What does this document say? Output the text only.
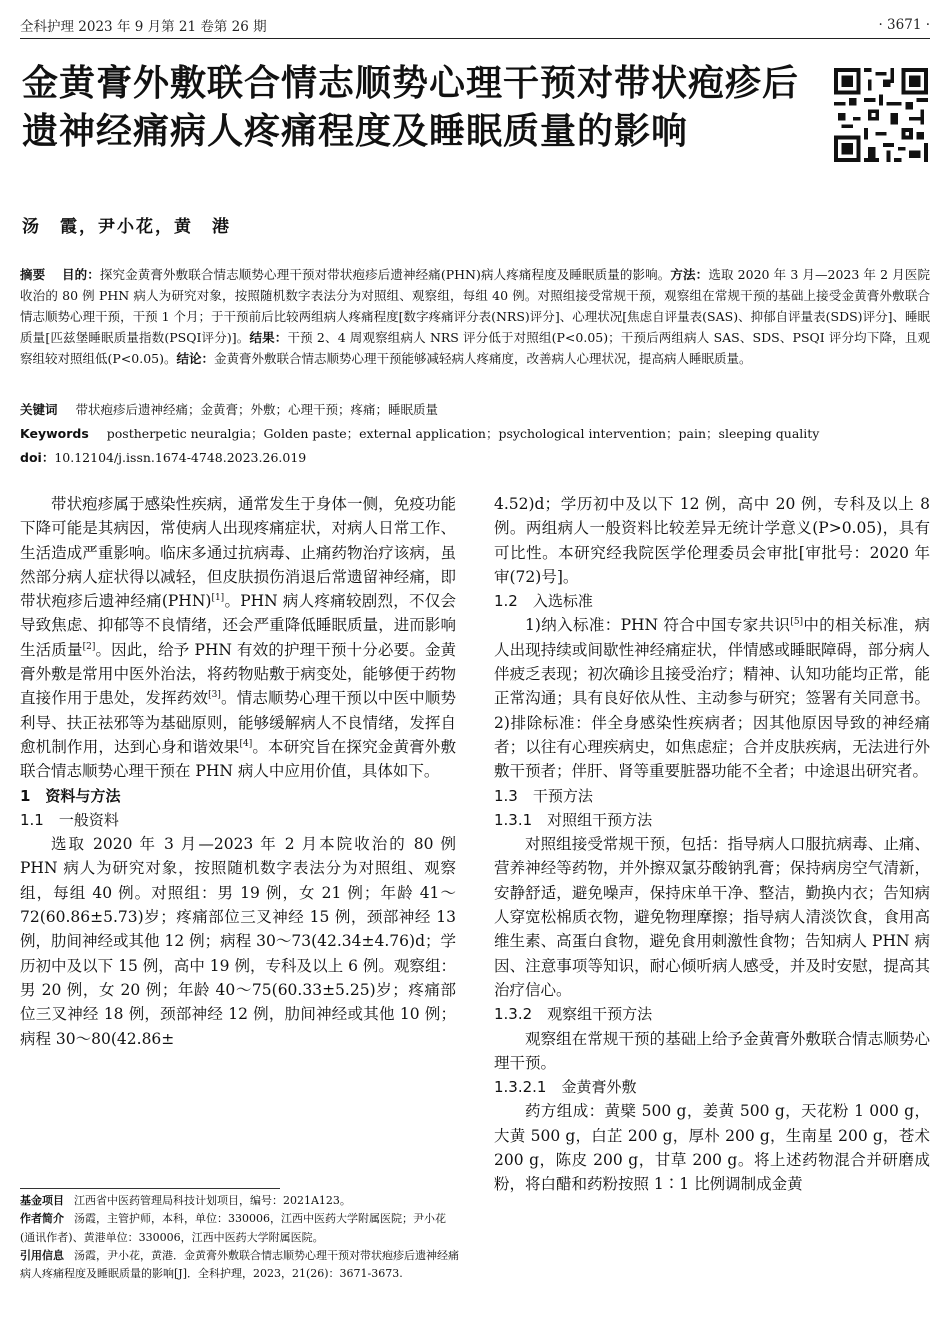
全科护理 2023 年 9 月第 21 卷第 26 期	· 3671 ·
金黄膏外敷联合情志顺势心理干预对带状疱疹后遗神经痛病人疼痛程度及睡眠质量的影响
汤　霞，尹小花，黄　港
摘要　 目的：探究金黄膏外敷联合情志顺势心理干预对带状疱疹后遗神经痛(PHN)病人疼痛程度及睡眠质量的影响。方法：选取 2020 年 3 月—2023 年 2 月医院收治的 80 例 PHN 病人为研究对象，按照随机数字表法分为对照组、观察组，每组 40 例。对照组接受常规干预，观察组在常规干预的基础上接受金黄膏外敷联合情志顺势心理干预，干预 1 个月；于干预前后比较两组病人疼痛程度[数字疼痛评分表(NRS)评分]、心理状况[焦虑自评量表(SAS)、抑郁自评量表(SDS)评分]、睡眠质量[匹兹堡睡眠质量指数(PSQI评分)]。结果：干预 2、4 周观察组病人 NRS 评分低于对照组(P<0.05)；干预后两组病人 SAS、SDS、PSQI 评分均下降，且观察组较对照组低(P<0.05)。结论：金黄膏外敷联合情志顺势心理干预能够减轻病人疼痛度，改善病人心理状况，提高病人睡眠质量。
关键词 带状疱疹后遗神经痛；金黄膏；外敷；心理干预；疼痛；睡眠质量
Keywords postherpetic neuralgia；Golden paste；external application；psychological intervention；pain；sleeping quality
doi：10.12104/j.issn.1674-4748.2023.26.019

带状疱疹属于感染性疾病，通常发生于身体一侧，免疫功能下降可能是其病因，常使病人出现疼痛症状，对病人日常工作、生活造成严重影响。临床多通过抗病毒、止痛药物治疗该病，虽然部分病人症状得以减轻，但皮肤损伤消退后常遗留神经痛，即带状疱疹后遗神经痛(PHN)[1]。PHN 病人疼痛较剧烈，不仅会导致焦虑、抑郁等不良情绪，还会严重降低睡眠质量，进而影响生活质量[2]。因此，给予 PHN 有效的护理干预十分必要。金黄膏外敷是常用中医外治法，将药物贴敷于病变处，能够便于药物直接作用于患处，发挥药效[3]。情志顺势心理干预以中医中顺势利导、扶正祛邪等为基础原则，能够缓解病人不良情绪，发挥自愈机制作用，达到心身和谐效果[4]。本研究旨在探究金黄膏外敷联合情志顺势心理干预在 PHN 病人中应用价值，具体如下。

1　资料与方法

1.1　一般资料

选取 2020 年 3 月—2023 年 2 月本院收治的 80 例 PHN 病人为研究对象，按照随机数字表法分为对照组、观察组，每组 40 例。对照组：男 19 例，女 21 例；年龄 41～72(60.86±5.73)岁；疼痛部位三叉神经 15 例，颈部神经 13 例，肋间神经或其他 12 例；病程 30～73(42.34±4.76)d；学历初中及以下 15 例，高中 19 例，专科及以上 6 例。观察组：男 20 例，女 20 例；年龄 40～75(60.33±5.25)岁；疼痛部位三叉神经 18 例，颈部神经 12 例，肋间神经或其他 10 例；病程 30～80(42.86±

4.52)d；学历初中及以下 12 例，高中 20 例，专科及以上 8 例。两组病人一般资料比较差异无统计学意义(P>0.05)，具有可比性。本研究经我院医学伦理委员会审批[审批号：2020 年审(72)号]。

1.2　入选标准

1)纳入标准：PHN 符合中国专家共识[5]中的相关标准，病人出现持续或间歇性神经痛症状，伴情感或睡眠障碍，部分病人伴疲乏表现；初次确诊且接受治疗；精神、认知功能均正常，能正常沟通；具有良好依从性、主动参与研究；签署有关同意书。2)排除标准：伴全身感染性疾病者；因其他原因导致的神经痛者；以往有心理疾病史，如焦虑症；合并皮肤疾病，无法进行外敷干预者；伴肝、肾等重要脏器功能不全者；中途退出研究者。

1.3　干预方法

1.3.1　对照组干预方法

对照组接受常规干预，包括：指导病人口服抗病毒、止痛、营养神经等药物，并外擦双氯芬酸钠乳膏；保持病房空气清新，安静舒适，避免噪声，保持床单干净、整洁，勤换内衣；告知病人穿宽松棉质衣物，避免物理摩擦；指导病人清淡饮食，食用高维生素、高蛋白食物，避免食用刺激性食物；告知病人 PHN 病因、注意事项等知识，耐心倾听病人感受，并及时安慰，提高其治疗信心。

1.3.2　观察组干预方法

观察组在常规干预的基础上给予金黄膏外敷联合情志顺势心理干预。

1.3.2.1　金黄膏外敷

药方组成：黄檗 500 g，姜黄 500 g，天花粉 1 000 g，大黄 500 g，白芷 200 g，厚朴 200 g，生南星 200 g，苍术 200 g，陈皮 200 g，甘草 200 g。将上述药物混合并研磨成粉，将白醋和药粉按照 1∶1 比例调制成金黄

基金项目 江西省中医药管理局科技计划项目，编号：2021A123。
作者简介 汤霞，主管护师，本科，单位：330006，江西中医药大学附属医院；尹小花(通讯作者)、黄港单位：330006，江西中医药大学附属医院。
引用信息 汤霞，尹小花，黄港．金黄膏外敷联合情志顺势心理干预对带状疱疹后遗神经痛病人疼痛程度及睡眠质量的影响[J]．全科护理，2023，21(26)：3671-3673.
